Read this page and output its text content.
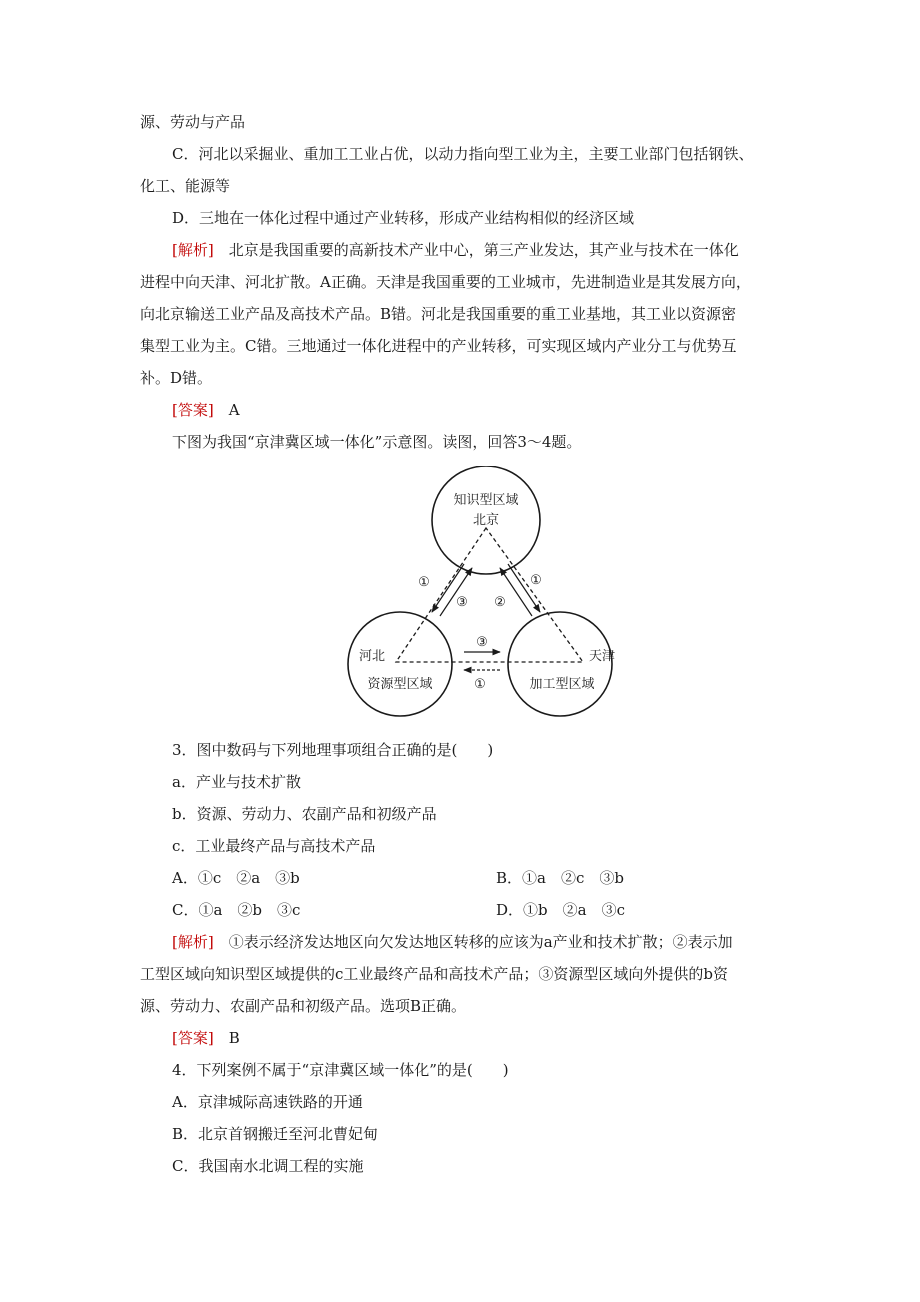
源、劳动与产品
C．河北以采掘业、重加工工业占优，以动力指向型工业为主，主要工业部门包括钢铁、
化工、能源等
D．三地在一体化过程中通过产业转移，形成产业结构相似的经济区域
[解析]　 北京是我国重要的高新技术产业中心，第三产业发达，其产业与技术在一体化
进程中向天津、河北扩散。A正确。天津是我国重要的工业城市，先进制造业是其发展方向，
向北京输送工业产品及高技术产品。B错。河北是我国重要的重工业基地，其工业以资源密
集型工业为主。C错。三地通过一体化进程中的产业转移，可实现区域内产业分工与优势互
补。D错。
[答案]　 A
下图为我国“京津冀区域一体化”示意图。读图，回答3～4题。
知识型区域
北京
河北
资源型区域
天津
加工型区域
①
③
①
②
③
①
3．图中数码与下列地理事项组合正确的是(　　)
a．产业与技术扩散
b．资源、劳动力、农副产品和初级产品
c．工业最终产品与高技术产品
A．①c　②a　③b	B．①a　②c　③b
C．①a　②b　③c	D．①b　②a　③c
[解析]　 ①表示经济发达地区向欠发达地区转移的应该为a产业和技术扩散；②表示加
工型区域向知识型区域提供的c工业最终产品和高技术产品；③资源型区域向外提供的b资
源、劳动力、农副产品和初级产品。选项B正确。
[答案]　 B
4．下列案例不属于“京津冀区域一体化”的是(　　)
A．京津城际高速铁路的开通
B．北京首钢搬迁至河北曹妃甸
C．我国南水北调工程的实施
